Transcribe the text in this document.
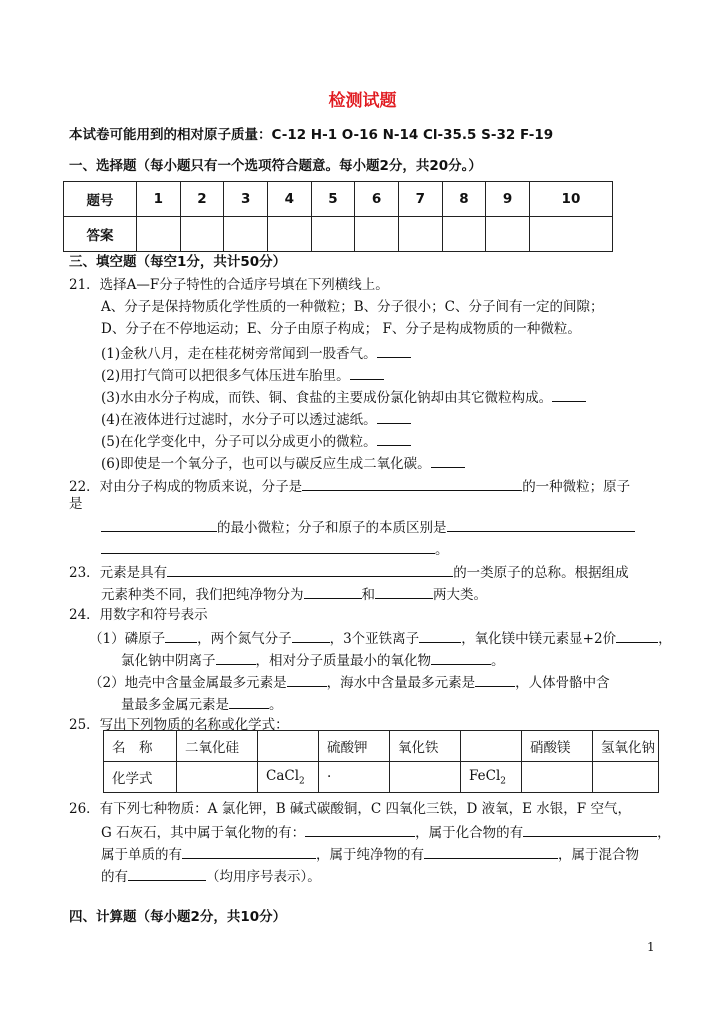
检测试题
本试卷可能用到的相对原子质量：C-12 H-1 O-16 N-14 Cl-35.5 S-32 F-19
一、选择题（每小题只有一个选项符合题意。每小题2分，共20分。）
题号	1	2	3	4	5	6	7	8	9	10
答案										
三、填空题（每空1分，共计50分）
21．选择A—F分子特性的合适序号填在下列横线上。
A、分子是保持物质化学性质的一种微粒；B、分子很小；C、分子间有一定的间隙；
D、分子在不停地运动；E、分子由原子构成； F、分子是构成物质的一种微粒。
(1)金秋八月，走在桂花树旁常闻到一股香气。
(2)用打气筒可以把很多气体压进车胎里。
(3)水由水分子构成，而铁、铜、食盐的主要成份氯化钠却由其它微粒构成。
(4)在液体进行过滤时，水分子可以透过滤纸。
(5)在化学变化中，分子可以分成更小的微粒。
(6)即使是一个氧分子，也可以与碳反应生成二氧化碳。
22．对由分子构成的物质来说，分子是	的一种微粒；原子
是
的最小微粒；分子和原子的本质区别是
。
23．元素是具有	的一类原子的总称。根据组成
元素种类不同，我们把纯净物分为	和	两大类。
24．用数字和符号表示
（1）磷原子 ，两个氮气分子	，3个亚铁离子	，氧化镁中镁元素显+2价	，
氯化钠中阴离子	，相对分子质量最小的氧化物	。
（2）地壳中含量金属最多元素是	，海水中含量最多元素是	，人体骨骼中含
量最多金属元素是	。
25．写出下列物质的名称或化学式：
名　称	二氧化硅		硫酸钾	氧化铁		硝酸镁	氢氧化钠
化学式		CaCl$_2$	·		FeCl$_2$		
26．有下列七种物质：A 氯化钾，B 碱式碳酸铜，C 四氧化三铁，D 液氧，E 水银，F 空气，
G 石灰石，其中属于氧化物的有：	，属于化合物的有	，
属于单质的有	，属于纯净物的有	，属于混合物
的有	（均用序号表示）。
四、计算题（每小题2分，共10分）
1
